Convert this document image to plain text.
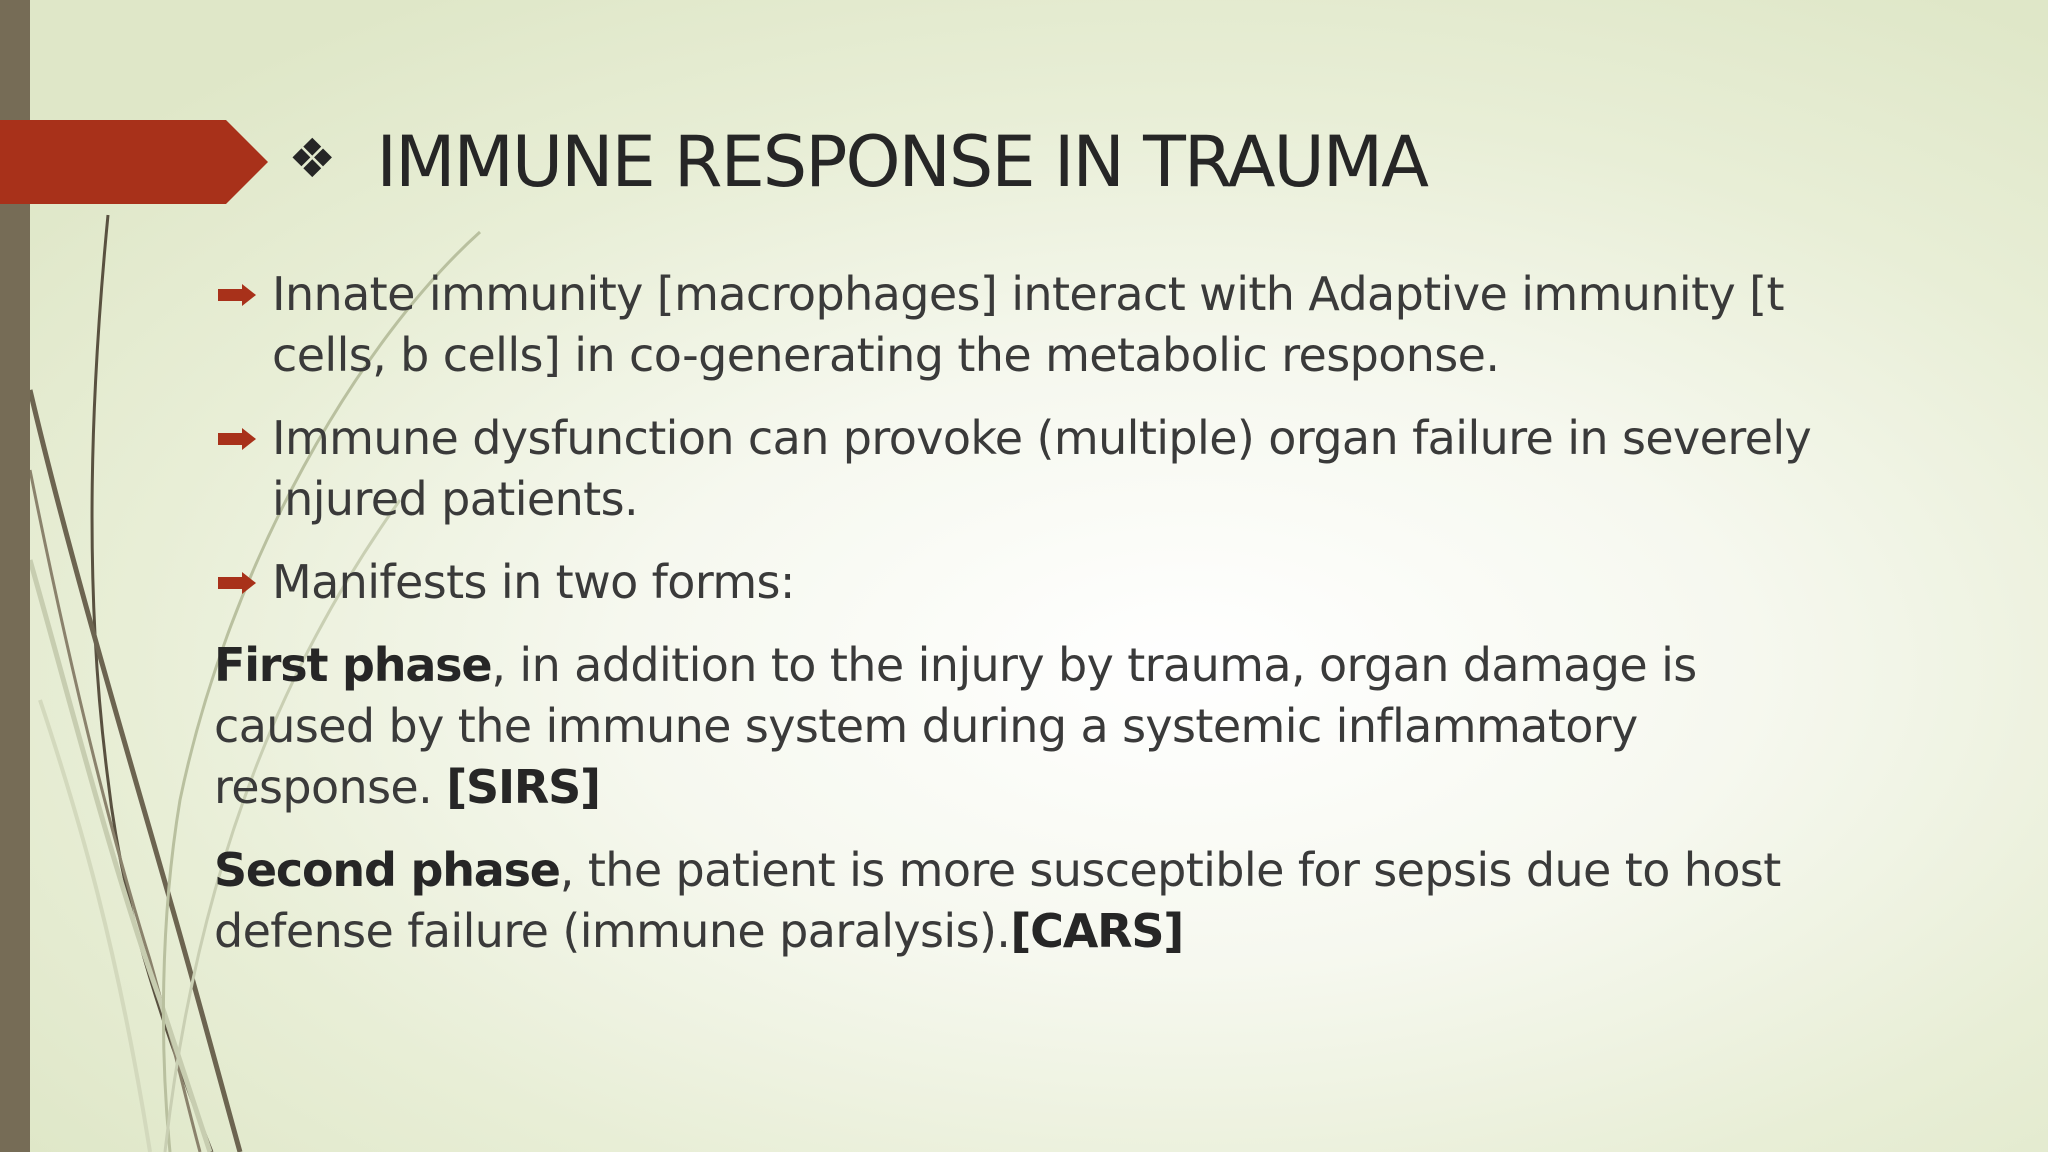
❖ IMMUNE RESPONSE IN TRAUMA
Innate immunity [macrophages] interact with Adaptive immunity [t cells, b cells] in co-generating the metabolic response.
Immune dysfunction can provoke (multiple) organ failure in severely injured patients.
Manifests in two forms:
First phase, in addition to the injury by trauma, organ damage is caused by the immune system during a systemic inflammatory response. [SIRS]
Second phase, the patient is more susceptible for sepsis due to host defense failure (immune paralysis).[CARS]
